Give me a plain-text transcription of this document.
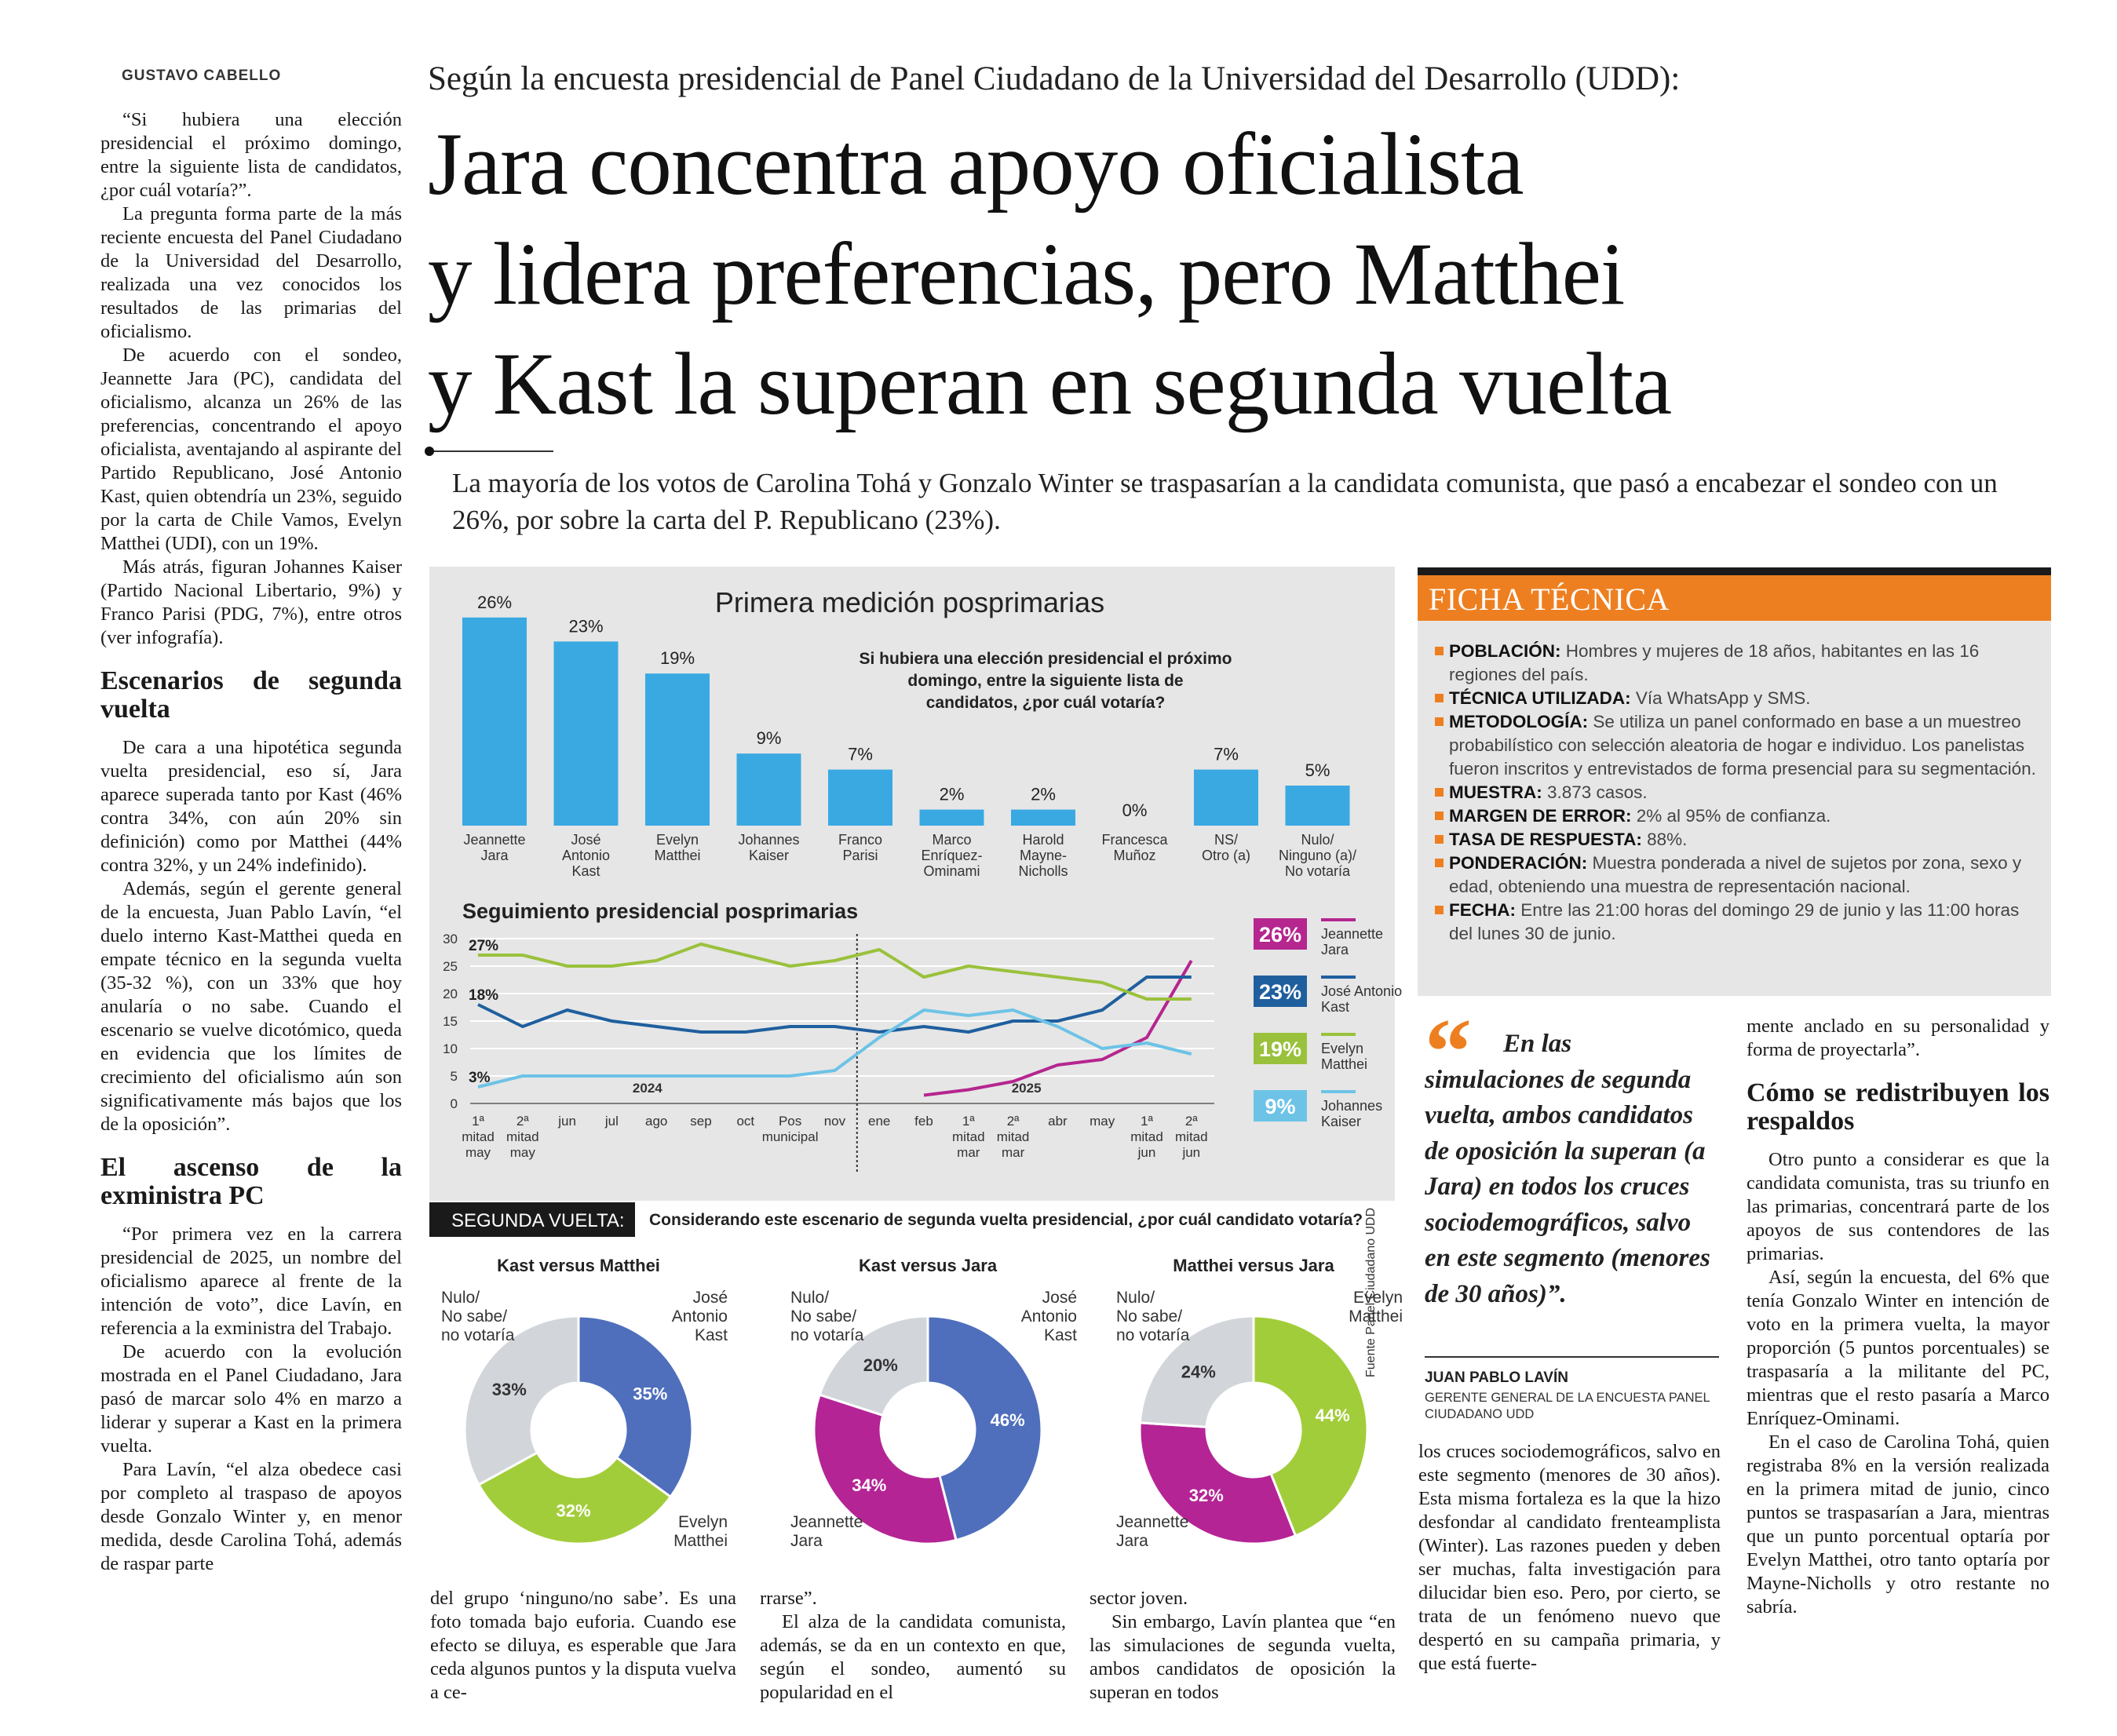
GUSTAVO CABELLO

“Si hubiera una elección presidencial el próximo domingo, entre la siguiente lista de candidatos, ¿por cuál votaría?”.

La pregunta forma parte de la más reciente encuesta del Panel Ciudadano de la Universidad del Desarrollo, realizada una vez conocidos los resultados de las primarias del oficialismo.

De acuerdo con el sondeo, Jeannette Jara (PC), candidata del oficialismo, alcanza un 26% de las preferencias, concentrando el apoyo oficialista, aventajando al aspirante del Partido Republicano, José Antonio Kast, quien obtendría un 23%, seguido por la carta de Chile Vamos, Evelyn Matthei (UDI), con un 19%.

Más atrás, figuran Johannes Kaiser (Partido Nacional Libertario, 9%) y Franco Parisi (PDG, 7%), entre otros (ver infografía).

Escenarios de segunda vuelta

De cara a una hipotética segunda vuelta presidencial, eso sí, Jara aparece superada tanto por Kast (46% contra 34%, con aún 20% sin definición) como por Matthei (44% contra 32%, y un 24% indefinido).

Además, según el gerente general de la encuesta, Juan Pablo Lavín, “el duelo interno Kast-Matthei queda en empate técnico en la segunda vuelta (35-32 %), con un 33% que hoy anularía o no sabe. Cuando el escenario se vuelve dicotómico, queda en evidencia que los límites de crecimiento del oficialismo aún son significativamente más bajos que los de la oposición”.

El ascenso de la exministra PC

“Por primera vez en la carrera presidencial de 2025, un nombre del oficialismo aparece al frente de la intención de voto”, dice Lavín, en referencia a la exministra del Trabajo.

De acuerdo con la evolución mostrada en el Panel Ciudadano, Jara pasó de marcar solo 4% en marzo a liderar y superar a Kast en la primera vuelta.

Para Lavín, “el alza obedece casi por completo al traspaso de apoyos desde Gonzalo Winter y, en menor medida, desde Carolina Tohá, además de raspar parte

Según la encuesta presidencial de Panel Ciudadano de la Universidad del Desarrollo (UDD):
Jara concentra apoyo oficialista
y lidera preferencias, pero Matthei
y Kast la superan en segunda vuelta
La mayoría de los votos de Carolina Tohá y Gonzalo Winter se traspasarían a la candidata comunista, que pasó a encabezar el sondeo con un 26%, por sobre la carta del P. Republicano (23%).
Primera medición posprimarias
Si hubiera una elección presidencial el próximo
domingo, entre la siguiente lista de
candidatos, ¿por cuál votaría?
26%
Jeannette
Jara
23%
José
Antonio
Kast
19%
Evelyn
Matthei
9%
Johannes
Kaiser
7%
Franco
Parisi
2%
Marco
Enríquez-
Ominami
2%
Harold
Mayne-
Nicholls
0%
Francesca
Muñoz
7%
NS/
Otro (a)
5%
Nulo/
Ninguno (a)/
No votaría
Seguimiento presidencial posprimarias
0
5
10
15
20
25
30
2024	2025
1ª
mitad
may
2ª
mitad
may
jun jul ago sep oct Pos
municipal
nov ene feb 1ª
mitad
mar
2ª
mitad
mar
abr may 1ª
mitad
jun
2ª
mitad
jun
26% Jeannette
Jara
18%	23% José Antonio
Kast
27%
19% Evelyn
Matthei
3%
9% Johannes
Kaiser
SEGUNDA VUELTA: Considerando este escenario de segunda vuelta presidencial, ¿por cuál candidato votaría?
Kast versus Matthei
35%
32%
33%
Nulo/
No sabe/
no votaría
José
Antonio
Kast
Evelyn
Matthei
Kast versus Jara
46%
34%
20%
Nulo/
No sabe/
no votaría
José
Antonio
Kast
Jeannette
Jara
Matthei versus Jara
44%
32%
24%
Nulo/
No sabe/
no votaría
Evelyn
Matthei
Jeannette
Jara
Fuente Panel Ciudadano UDD
FICHA TÉCNICA
POBLACIÓN: Hombres y mujeres de 18 años, habitantes en las 16 regiones del país.
TÉCNICA UTILIZADA: Vía WhatsApp y SMS.
METODOLOGÍA: Se utiliza un panel conformado en base a un muestreo probabilístico con selección aleatoria de hogar e individuo. Los panelistas fueron inscritos y entrevistados de forma presencial para su segmentación.
MUESTRA: 3.873 casos.
MARGEN DE ERROR: 2% al 95% de confianza.
TASA DE RESPUESTA: 88%.
PONDERACIÓN: Muestra ponderada a nivel de sujetos por zona, sexo y edad, obteniendo una muestra de representación nacional.
FECHA: Entre las 21:00 horas del domingo 29 de junio y las 11:00 horas del lunes 30 de junio.
“	En las simulaciones de segunda vuelta, ambos candidatos de oposición la superan (a Jara) en todos los cruces sociodemográficos, salvo en este segmento (menores de 30 años)”.
JUAN PABLO LAVÍN
GERENTE GENERAL DE LA ENCUESTA PANEL CIUDADANO UDD

del grupo ‘ninguno/no sabe’. Es una foto tomada bajo euforia. Cuando ese efecto se diluya, es esperable que Jara ceda algunos puntos y la disputa vuelva a ce-

rrarse”.

El alza de la candidata comunista, además, se da en un contexto en que, según el sondeo, aumentó su popularidad en el

sector joven.

Sin embargo, Lavín plantea que “en las simulaciones de segunda vuelta, ambos candidatos de oposición la superan en todos

los cruces sociodemográficos, salvo en este segmento (menores de 30 años). Esta misma fortaleza es la que la hizo desfondar al candidato frenteamplista (Winter). Las razones pueden y deben ser muchas, falta investigación para dilucidar bien eso. Pero, por cierto, se trata de un fenómeno nuevo que despertó en su campaña primaria, y que está fuerte-

mente anclado en su personalidad y forma de proyectarla”.

Cómo se redistribuyen los respaldos

Otro punto a considerar es que la candidata comunista, tras su triunfo en las primarias, concentrará parte de los apoyos de sus contendores de las primarias.

Así, según la encuesta, del 6% que tenía Gonzalo Winter en intención de voto en la primera vuelta, la mayor proporción (5 puntos porcentuales) se traspasaría a la militante del PC, mientras que el resto pasaría a Marco Enríquez-Ominami.

En el caso de Carolina Tohá, quien registraba 8% en la versión realizada en la primera mitad de junio, cinco puntos se traspasarían a Jara, mientras que un punto porcentual optaría por Evelyn Matthei, otro tanto optaría por Mayne-Nicholls y otro restante no sabría.
